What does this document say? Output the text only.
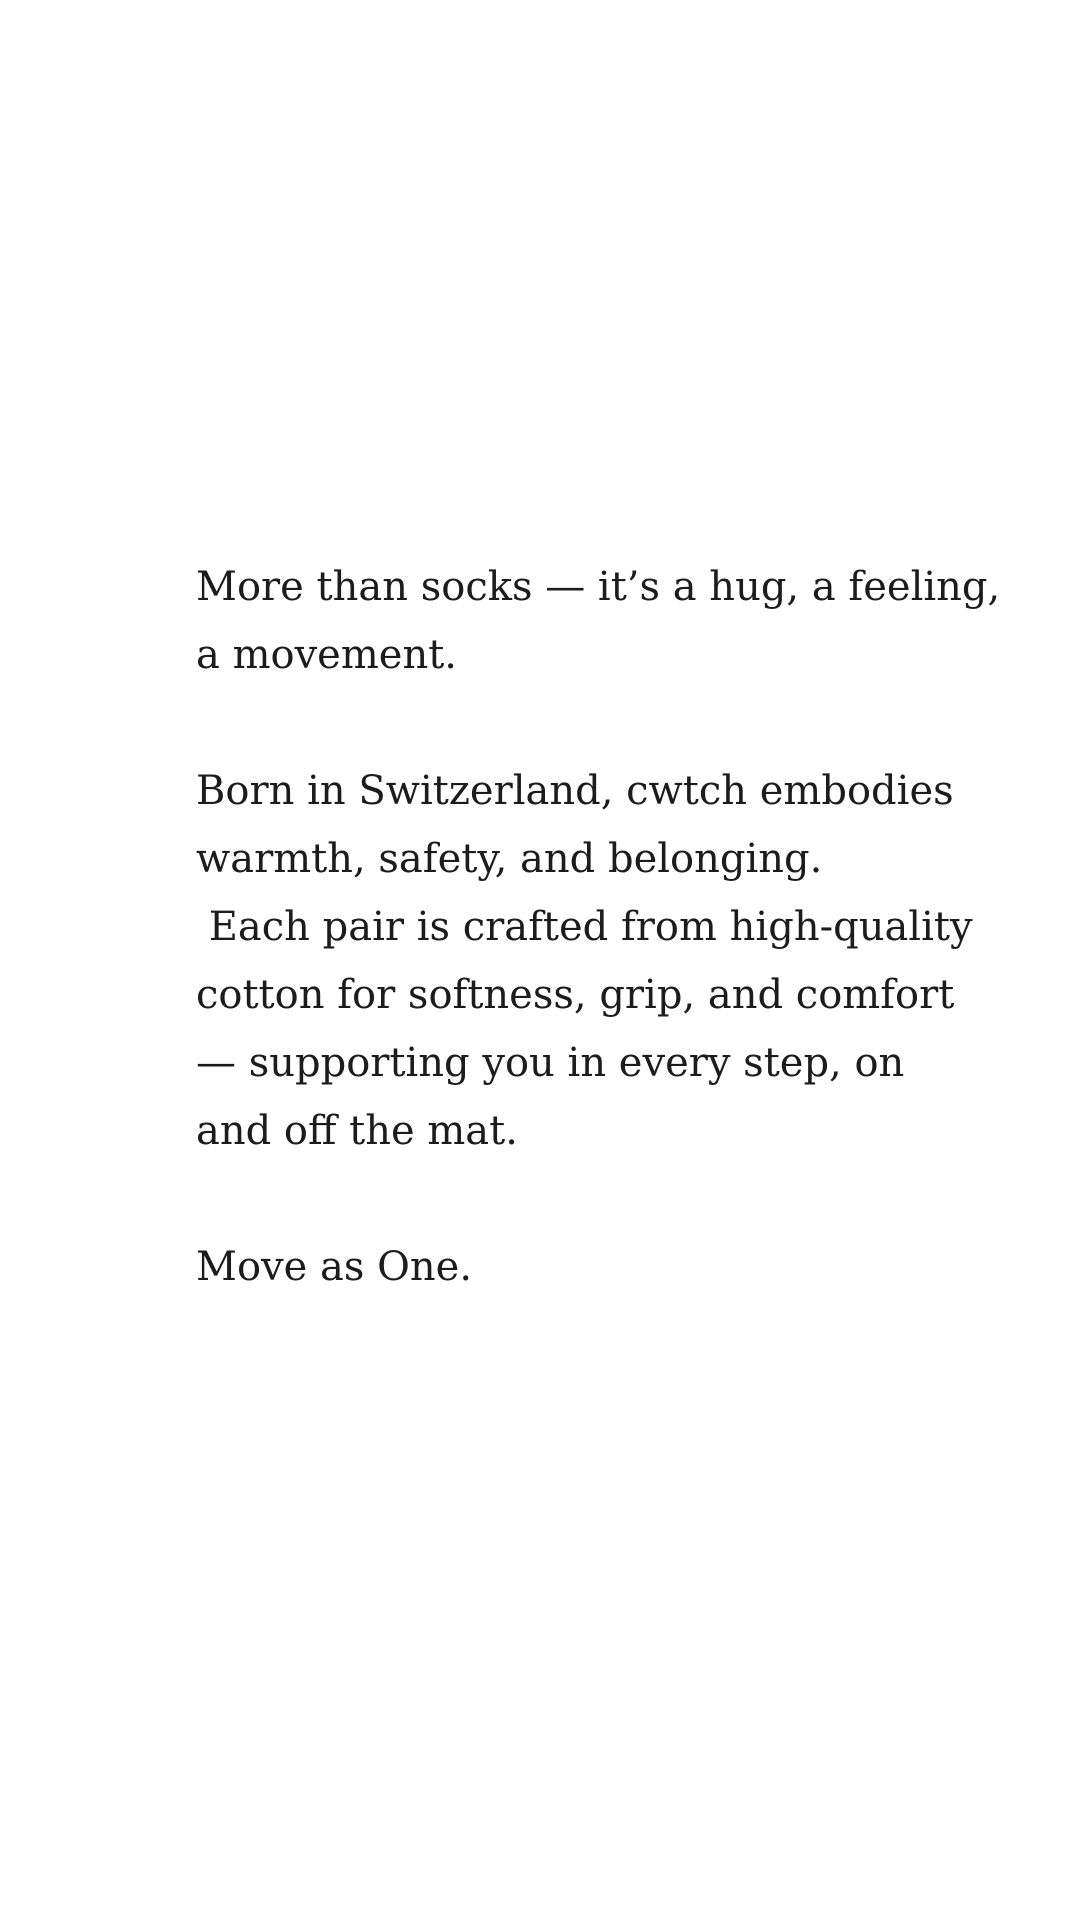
More than socks — it’s a hug, a feeling,
a movement.

Born in Switzerland, cwtch embodies
warmth, safety, and belonging.
Each pair is crafted from high-quality
cotton for softness, grip, and comfort
— supporting you in every step, on
and off the mat.

Move as One.
